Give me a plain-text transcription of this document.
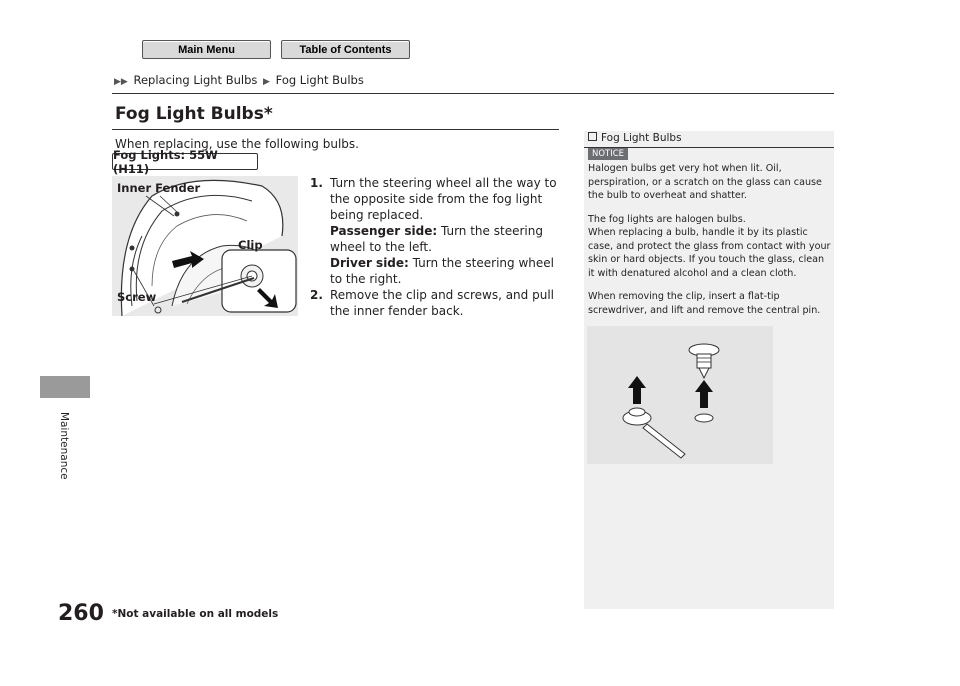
Main Menu	Table of Contents
▶▶ Replacing Light Bulbs ▶ Fog Light Bulbs
Maintenance
260 *Not available on all models
Fog Light Bulbs*
When replacing, use the following bulbs.
Fog Lights: 55W (H11)
Inner Fender
Clip
Screw
1. Turn the steering wheel all the way to the opposite side from the fog light being replaced.

Passenger side: Turn the steering wheel to the left.

Driver side: Turn the steering wheel to the right.

2. Remove the clip and screws, and pull the inner fender back.

Fog Light Bulbs
NOTICE

Halogen bulbs get very hot when lit. Oil, perspiration, or a scratch on the glass can cause the bulb to overheat and shatter.

The fog lights are halogen bulbs.
When replacing a bulb, handle it by its plastic case, and protect the glass from contact with your skin or hard objects. If you touch the glass, clean it with denatured alcohol and a clean cloth.

When removing the clip, insert a flat-tip screwdriver, and lift and remove the central pin.
